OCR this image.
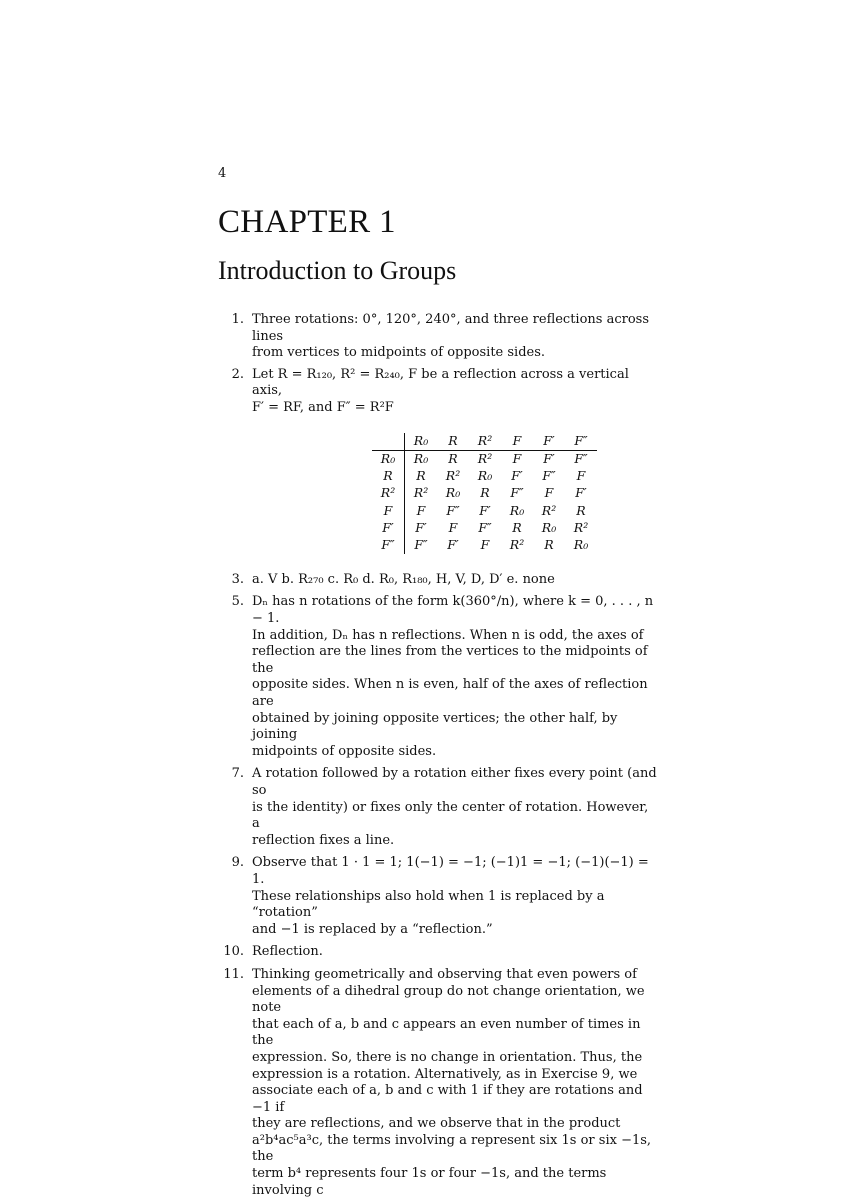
4
CHAPTER 1
Introduction to Groups
1. Three rotations: 0°, 120°, 240°, and three reflections across lines
from vertices to midpoints of opposite sides.
2. Let R = R₁₂₀, R² = R₂₄₀, F be a reflection across a vertical axis,
F′ = RF, and F″ = R²F
	R₀	R	R²	F	F′	F″
R₀	R₀	R	R²	F	F′	F″
R	R	R²	R₀	F′	F″	F
R²	R²	R₀	R	F″	F	F′
F	F	F″	F′	R₀	R²	R
F′	F′	F	F″	R	R₀	R²
F″	F″	F′	F	R²	R	R₀
3. a. V b. R₂₇₀ c. R₀ d. R₀, R₁₈₀, H, V, D, D′ e. none
5. Dₙ has n rotations of the form k(360°/n), where k = 0, . . . , n − 1.
In addition, Dₙ has n reflections. When n is odd, the axes of
reflection are the lines from the vertices to the midpoints of the
opposite sides. When n is even, half of the axes of reflection are
obtained by joining opposite vertices; the other half, by joining
midpoints of opposite sides.
7. A rotation followed by a rotation either fixes every point (and so
is the identity) or fixes only the center of rotation. However, a
reflection fixes a line.
9. Observe that 1 · 1 = 1; 1(−1) = −1; (−1)1 = −1; (−1)(−1) = 1.
These relationships also hold when 1 is replaced by a “rotation”
and −1 is replaced by a “reflection.”
10. Reflection.
11. Thinking geometrically and observing that even powers of
elements of a dihedral group do not change orientation, we note
that each of a, b and c appears an even number of times in the
expression. So, there is no change in orientation. Thus, the
expression is a rotation. Alternatively, as in Exercise 9, we
associate each of a, b and c with 1 if they are rotations and −1 if
they are reflections, and we observe that in the product
a²b⁴ac⁵a³c, the terms involving a represent six 1s or six −1s, the
term b⁴ represents four 1s or four −1s, and the terms involving c
